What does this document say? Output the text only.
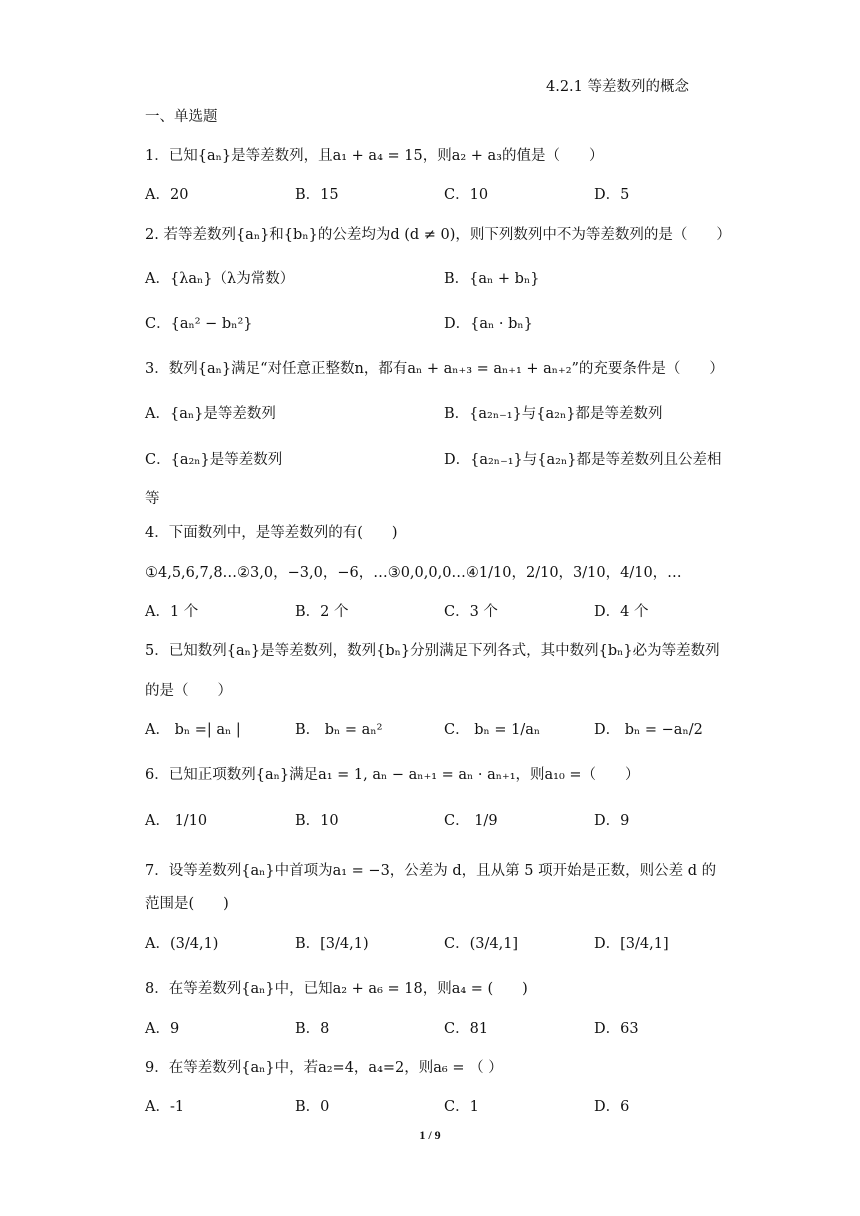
4.2.1 等差数列的概念
一、单选题
1．已知{aₙ}是等差数列，且a₁ + a₄ = 15，则a₂ + a₃的值是（　　）
A．20	B．15	C．10	D．5
2. 若等差数列{aₙ}和{bₙ}的公差均为d (d ≠ 0)，则下列数列中不为等差数列的是（　　）
A．{λaₙ}（λ为常数）	B．{aₙ + bₙ}
C．{aₙ² − bₙ²}	D．{aₙ · bₙ}
3．数列{aₙ}满足“对任意正整数n，都有aₙ + aₙ₊₃ = aₙ₊₁ + aₙ₊₂”的充要条件是（　　）
A．{aₙ}是等差数列	B．{a₂ₙ₋₁}与{a₂ₙ}都是等差数列
C．{a₂ₙ}是等差数列	D．{a₂ₙ₋₁}与{a₂ₙ}都是等差数列且公差相
等
4．下面数列中，是等差数列的有(　　)
①4,5,6,7,8…②3,0，−3,0，−6，…③0,0,0,0…④1/10，2/10，3/10，4/10，…
A．1 个	B．2 个	C．3 个	D．4 个
5．已知数列{aₙ}是等差数列，数列{bₙ}分别满足下列各式，其中数列{bₙ}必为等差数列
的是（　　）
A． bₙ =| aₙ |	B． bₙ = aₙ²	C． bₙ = 1/aₙ	D． bₙ = −aₙ/2
6．已知正项数列{aₙ}满足a₁ = 1, aₙ − aₙ₊₁ = aₙ · aₙ₊₁，则a₁₀ =（　　）
A． 1/10	B．10	C． 1/9	D．9
7．设等差数列{aₙ}中首项为a₁ = −3，公差为 d，且从第 5 项开始是正数，则公差 d 的
范围是(　　)
A．(3/4,1)	B．[3/4,1)	C．(3/4,1]	D．[3/4,1]
8．在等差数列{aₙ}中，已知a₂ + a₆ = 18，则a₄ = (　　)
A．9	B．8	C．81	D．63
9．在等差数列{aₙ}中，若a₂=4，a₄=2，则a₆ = （ ）
A．-1	B．0	C．1	D．6
1 / 9
